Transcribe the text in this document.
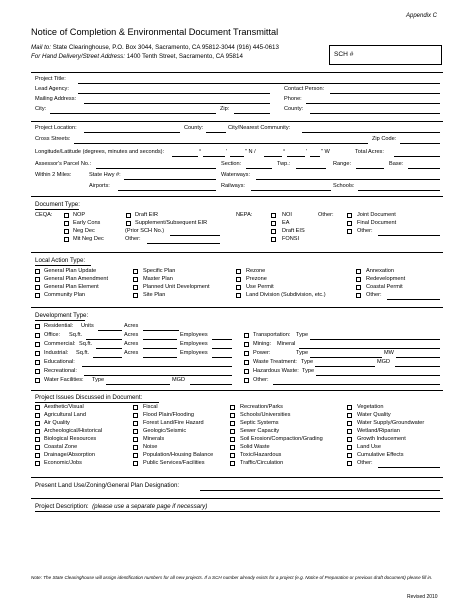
Appendix C
Notice of Completion & Environmental Document Transmittal
Mail to: State Clearinghouse, P.O. Box 3044, Sacramento, CA 95812-3044 (916) 445-0613
For Hand Delivery/Street Address: 1400 Tenth Street, Sacramento, CA 95814	SCH #
Project Title:
Lead Agency:	Contact Person:
Mailing Address:	Phone:
City:	Zip:	County:
Project Location:	County:	City/Nearest Community:
Cross Streets:	Zip Code:
Longitude/Latitude (degrees, minutes and seconds):	°	′	″ N /	°	′ ″ W	Total Acres:
Assessor's Parcel No.:	Section:	Twp.:	Range:	Base:
Within 2 Miles:	State Hwy #:	Waterways:
Airports:	Railways:	Schools:
Document Type:
CEQA:	NOP
Early Cons
Neg Dec
Mit Neg Dec
Draft EIR
Supplement/Subsequent EIR
(Prior SCH No.)
Other:
NEPA:	NOI
EA
Draft EIS
FONSI
Other:	Joint Document
Final Document
Other:
Local Action Type:
General Plan Update
General Plan Amendment
General Plan Element
Community Plan
Specific Plan
Master Plan
Planned Unit Development
Site Plan
Rezone
Prezone
Use Permit
Land Division (Subdivision, etc.)
Annexation
Redevelopment
Coastal Permit
Other:
Development Type:
Residential: Units	Acres
Office: Sq.ft.	Acres	Employees
Commercial: Sq.ft.	Acres	Employees
Industrial: Sq.ft.	Acres	Employees
Educational:
Recreational:
Water Facilities: Type	MGD
Transportation: Type
Mining: Mineral
Power:	Type	MW
Waste Treatment: Type	MGD
Hazardous Waste: Type
Other:
Project Issues Discussed in Document:
Aesthetic/Visual
Agricultural Land
Air Quality
Archeological/Historical
Biological Resources
Coastal Zone
Drainage/Absorption
Economic/Jobs
Fiscal
Flood Plain/Flooding
Forest Land/Fire Hazard
Geologic/Seismic
Minerals
Noise
Population/Housing Balance
Public Services/Facilities
Recreation/Parks
Schools/Universities
Septic Systems
Sewer Capacity
Soil Erosion/Compaction/Grading
Solid Waste
Toxic/Hazardous
Traffic/Circulation
Vegetation
Water Quality
Water Supply/Groundwater
Wetland/Riparian
Growth Inducement
Land Use
Cumulative Effects
Other:
Present Land Use/Zoning/General Plan Designation:
Project Description: (please use a separate page if necessary)
Note: The State Clearinghouse will assign identification numbers for all new projects. If a SCH number already exists for a project (e.g. Notice of Preparation or previous draft document) please fill in.
Revised 2010
